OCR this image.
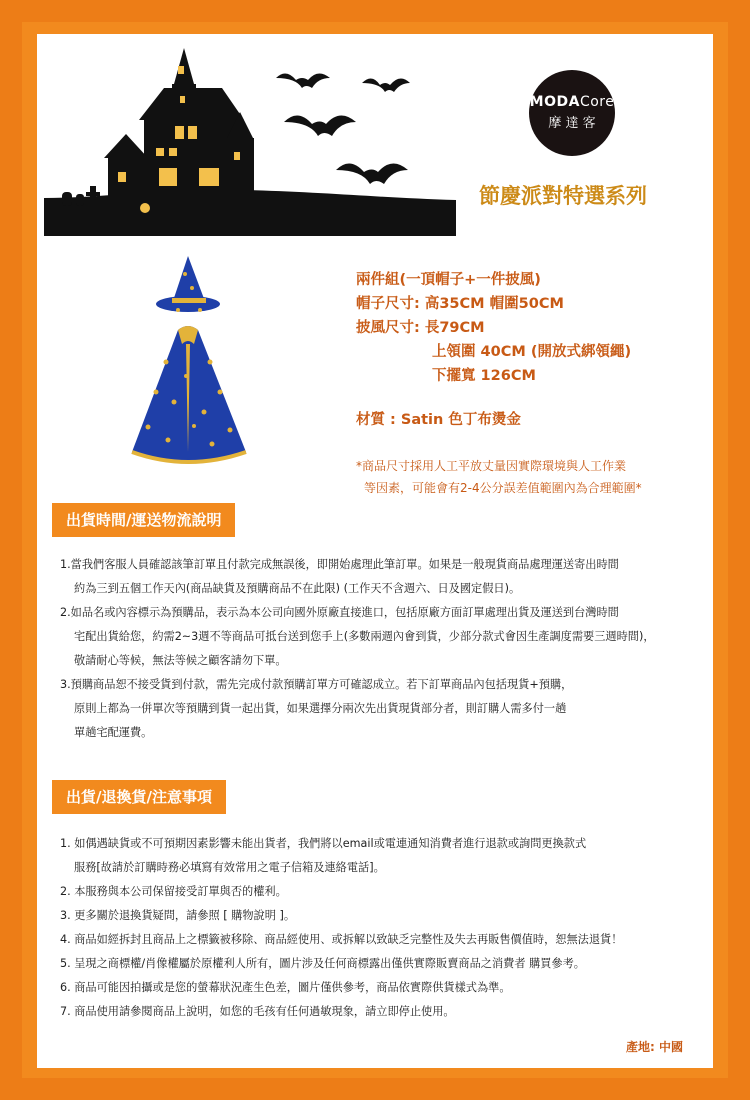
MODACore
摩 達 客
節慶派對特選系列
兩件組(一頂帽子+一件披風)
帽子尺寸: 高35CM 帽圍50CM
披風尺寸: 長79CM
上領圍 40CM (開放式綁領繩)
下擺寬 126CM
材質 : Satin 色丁布燙金
*商品尺寸採用人工平放丈量因實際環境與人工作業
等因素，可能會有2-4公分誤差值範圍內為合理範圍*
出貨時間/運送物流說明
1.當我們客服人員確認該筆訂單且付款完成無誤後，即開始處理此筆訂單。如果是一般現貨商品處理運送寄出時間
約為三到五個工作天內(商品缺貨及預購商品不在此限) (工作天不含週六、日及國定假日)。
2.如品名或內容標示為預購品，表示為本公司向國外原廠直接進口，包括原廠方面訂單處理出貨及運送到台灣時間
宅配出貨給您，約需2~3週不等商品可抵台送到您手上(多數兩週內會到貨，少部分款式會因生產調度需要三週時間)，
敬請耐心等候，無法等候之顧客請勿下單。
3.預購商品恕不接受貨到付款，需先完成付款預購訂單方可確認成立。若下訂單商品內包括現貨+預購，
原則上都為一併單次等預購到貨一起出貨，如果選擇分兩次先出貨現貨部分者，則訂購人需多付一趟
單趟宅配運費。
出貨/退換貨/注意事項
1. 如偶遇缺貨或不可預期因素影響未能出貨者，我們將以email或電連通知消費者進行退款或詢問更換款式
服務[故請於訂購時務必填寫有效常用之電子信箱及連絡電話]。
2. 本服務與本公司保留接受訂單與否的權利。
3. 更多關於退換貨疑問，請參照 [ 購物說明 ]。
4. 商品如經拆封且商品上之標籤被移除、商品經使用、或拆解以致缺乏完整性及失去再販售價值時，恕無法退貨！
5. 呈現之商標權/肖像權屬於原權利人所有，圖片涉及任何商標露出僅供實際販賣商品之消費者 購買參考。
6. 商品可能因拍攝或是您的螢幕狀況產生色差，圖片僅供參考，商品依實際供貨樣式為準。
7. 商品使用請參閱商品上說明，如您的毛孩有任何過敏現象，請立即停止使用。
產地: 中國
